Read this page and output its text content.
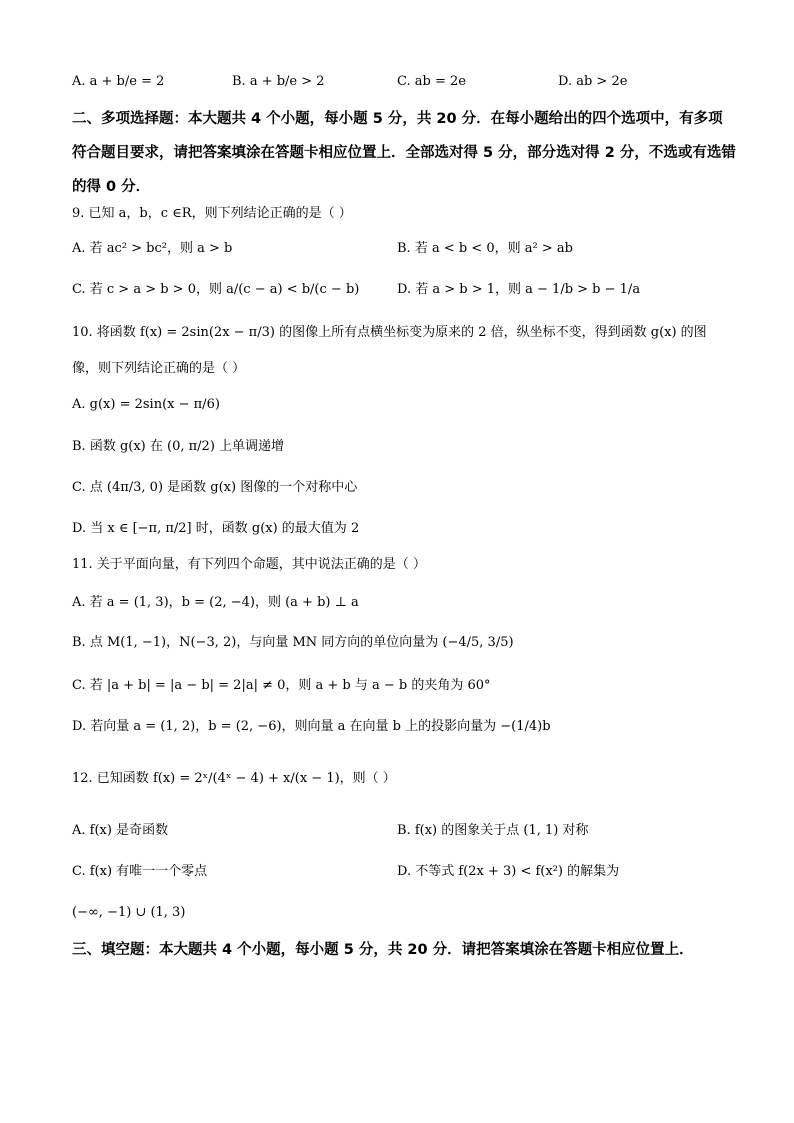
A. a + b/e = 2	B. a + b/e > 2	C. ab = 2e	D. ab > 2e
二、多项选择题：本大题共 4 个小题，每小题 5 分，共 20 分．在每小题给出的四个选项中，有多项符合题目要求，请把答案填涂在答题卡相应位置上．全部选对得 5 分，部分选对得 2 分，不选或有选错的得 0 分．
9. 已知 a，b，c ∈R，则下列结论正确的是（ ）
A. 若 ac² > bc²，则 a > b	B. 若 a < b < 0，则 a² > ab
C. 若 c > a > b > 0，则 a/(c − a) < b/(c − b)	D. 若 a > b > 1，则 a − 1/b > b − 1/a
10. 将函数 f(x) = 2sin(2x − π/3) 的图像上所有点横坐标变为原来的 2 倍，纵坐标不变，得到函数 g(x) 的图
像，则下列结论正确的是（ ）
A. g(x) = 2sin(x − π/6)
B. 函数 g(x) 在 (0, π/2) 上单调递增
C. 点 (4π/3, 0) 是函数 g(x) 图像的一个对称中心
D. 当 x ∈ [−π, π/2] 时，函数 g(x) 的最大值为 2
11. 关于平面向量，有下列四个命题，其中说法正确的是（ ）
A. 若 a = (1, 3)，b = (2, −4)，则 (a + b) ⊥ a
B. 点 M(1, −1)，N(−3, 2)，与向量 MN 同方向的单位向量为 (−4/5, 3/5)
C. 若 |a + b| = |a − b| = 2|a| ≠ 0，则 a + b 与 a − b 的夹角为 60°
D. 若向量 a = (1, 2)，b = (2, −6)，则向量 a 在向量 b 上的投影向量为 −(1/4)b
12. 已知函数 f(x) = 2ˣ/(4ˣ − 4) + x/(x − 1)，则（ ）
A. f(x) 是奇函数	B. f(x) 的图象关于点 (1, 1) 对称
C. f(x) 有唯一一个零点	D. 不等式 f(2x + 3) < f(x²) 的解集为
(−∞, −1) ∪ (1, 3)
三、填空题：本大题共 4 个小题，每小题 5 分，共 20 分．请把答案填涂在答题卡相应位置上．
